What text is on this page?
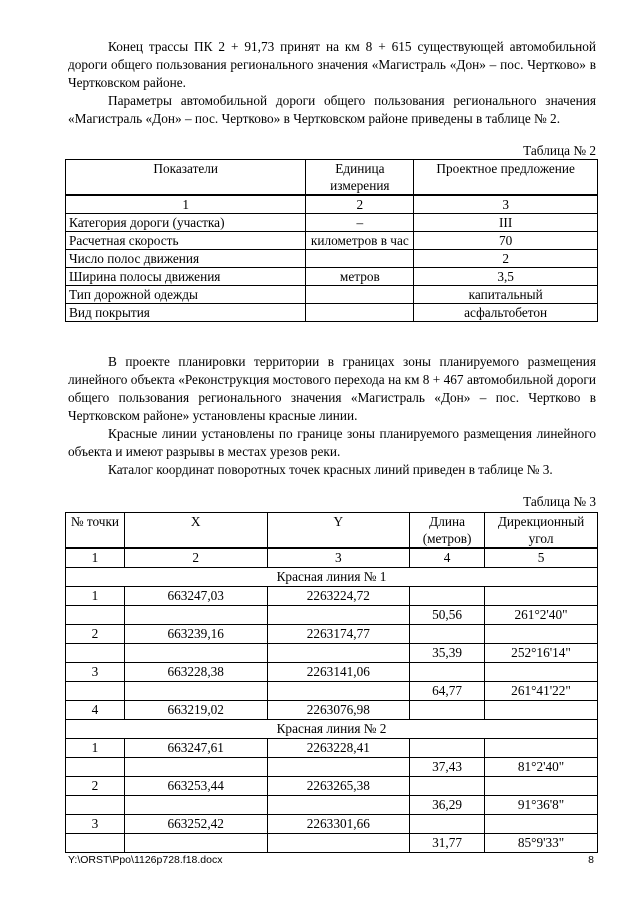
Конец трассы ПК 2 + 91,73 принят на км 8 + 615 существующей автомобильной дороги общего пользования регионального значения «Магистраль «Дон» – пос. Чертково» в Чертковском районе.

Параметры автомобильной дороги общего пользования регионального значения «Магистраль «Дон» – пос. Чертково» в Чертковском районе приведены в таблице № 2.

Таблица № 2
Показатели	Единица измерения	Проектное предложение
1	2	3
Категория дороги (участка)	–	III
Расчетная скорость	километров в час	70
Число полос движения		2
Ширина полосы движения	метров	3,5
Тип дорожной одежды		капитальный
Вид покрытия		асфальтобетон

В проекте планировки территории в границах зоны планируемого размещения линейного объекта «Реконструкция мостового перехода на км 8 + 467 автомобильной дороги общего пользования регионального значения «Магистраль «Дон» – пос. Чертково в Чертковском районе» установлены красные линии.

Красные линии установлены по границе зоны планируемого размещения линейного объекта и имеют разрывы в местах урезов реки.

Каталог координат поворотных точек красных линий приведен в таблице № 3.

Таблица № 3
№ точки	X	Y	Длина (метров)	Дирекционный угол
1	2	3	4	5
Красная линия № 1				
1	663247,03	2263224,72		
			50,56	261°2'40"
2	663239,16	2263174,77		
			35,39	252°16'14"
3	663228,38	2263141,06		
			64,77	261°41'22"
4	663219,02	2263076,98		
Красная линия № 2				
1	663247,61	2263228,41		
			37,43	81°2'40"
2	663253,44	2263265,38		
			36,29	91°36'8"
3	663252,42	2263301,66		
			31,77	85°9'33"
Y:\ORST\Ppo\1126p728.f18.docx	8
